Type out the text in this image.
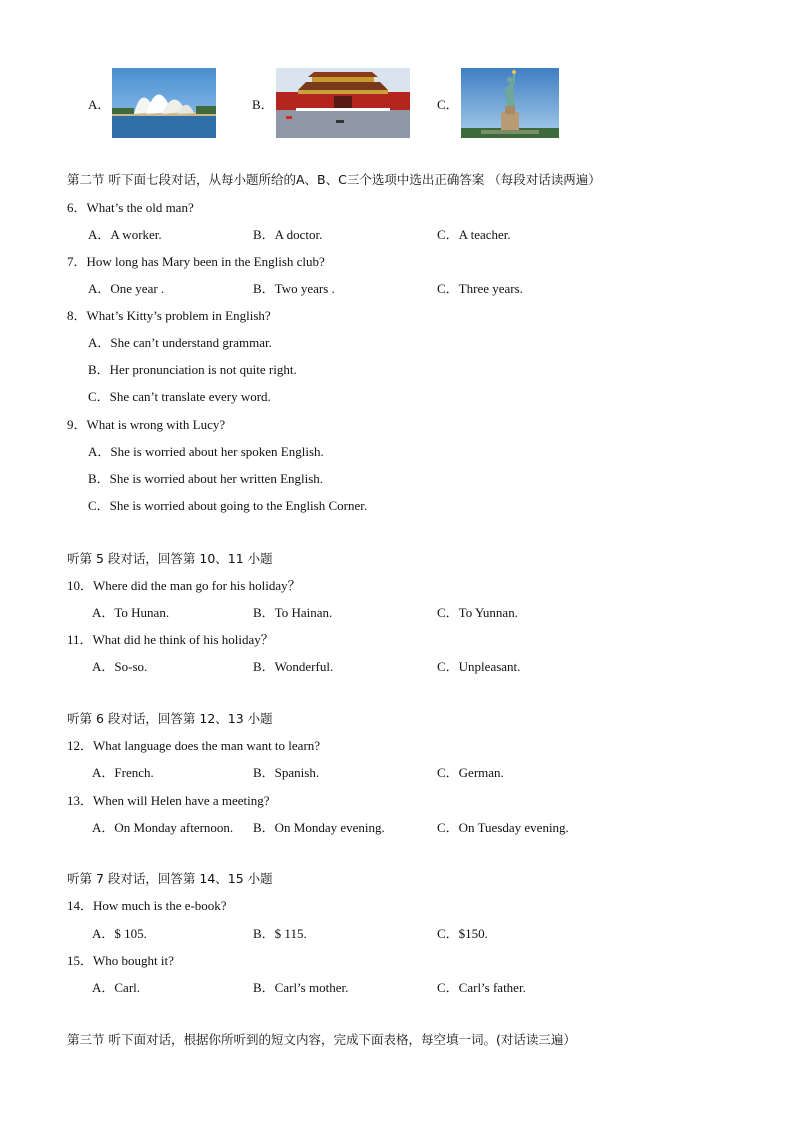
A．	B．	C．
第二节 听下面七段对话，从每小题所给的A、B、C三个选项中选出正确答案 （每段对话读两遍）
6．What’s the old man?
A．A worker.	B．A doctor.	C．A teacher.
7．How long has Mary been in the English club?
A．One year .	B．Two years .	C．Three years.
8．What’s Kitty’s problem in English?
A．She can’t understand grammar.
B．Her pronunciation is not quite right.
C．She can’t translate every word.
9．What is wrong with Lucy?
A．She is worried about her spoken English.
B．She is worried about her written English.
C．She is worried about going to the English Corner.
听第 5 段对话，回答第 10、11 小题
10．Where did the man go for his holiday？
A．To Hunan.	B．To Hainan.	C．To Yunnan.
11．What did he think of his holiday？
A．So-so.	B．Wonderful.	C．Unpleasant.
听第 6 段对话，回答第 12、13 小题
12．What language does the man want to learn?
A．French.	B．Spanish.	C．German.
13．When will Helen have a meeting?
A．On Monday afternoon. B．On Monday evening.	C．On Tuesday evening.
听第 7 段对话，回答第 14、15 小题
14．How much is the e-book?
A．$ 105.	B．$ 115.	C．$150.
15．Who bought it?
A．Carl.	B．Carl’s mother.	C．Carl’s father.
第三节 听下面对话，根据你所听到的短文内容，完成下面表格，每空填一词。(对话读三遍）
